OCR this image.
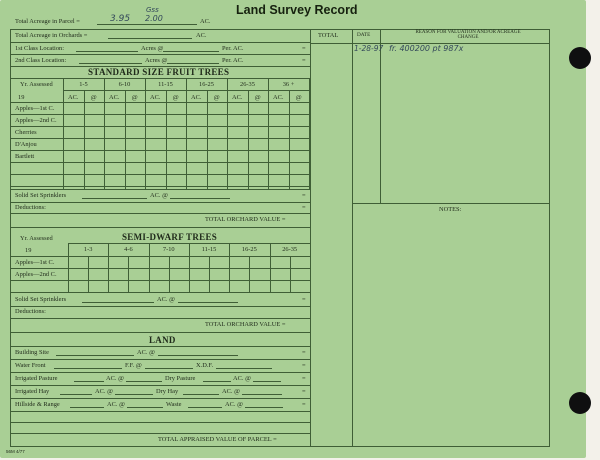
Land Survey Record
Total Acreage in Parcel =	3.95
Gss
2.00	AC.
TOTAL	DATE	REASON FOR VALUATION AND/OR ACREAGE CHANGE
1-28-97 fr. 400200 pt 987x
NOTES:
Total Acreage in Orchards =	AC.
1st Class Location:	Acres @	Per. AC.	=
2nd Class Location:	Acres @	Per. AC.	=
STANDARD SIZE FRUIT TREES
Yr. Assessed	1-5	6-10	11-15	16-25	26-35	36 +
19	AC.	@	AC.	@	AC.	@	AC.	@	AC.	@	AC.	@
Apples—1st C.
Apples—2nd C.
Cherries
D'Anjou
Bartlett
Solid Set Sprinklers	AC. @	=
Deductions:	=
TOTAL ORCHARD VALUE =
Yr. Assessed	SEMI-DWARF TREES
19	1-3	4-6	7-10	11-15	16-25	26-35
Apples—1st C.
Apples—2nd C.
Solid Set Sprinklers	AC. @	=
Deductions:
TOTAL ORCHARD VALUE =
LAND
Building Site	AC. @	=
Water Front	F.F. @	X.D.F.	=
Irrigated Pasture	AC. @	Dry Pasture	AC. @	=
Irrigated Hay	AC. @	Dry Hay	AC. @	=
Hillside & Range	AC. @	Waste	AC. @	=
TOTAL APPRAISED VALUE OF PARCEL =
56M 4/77
